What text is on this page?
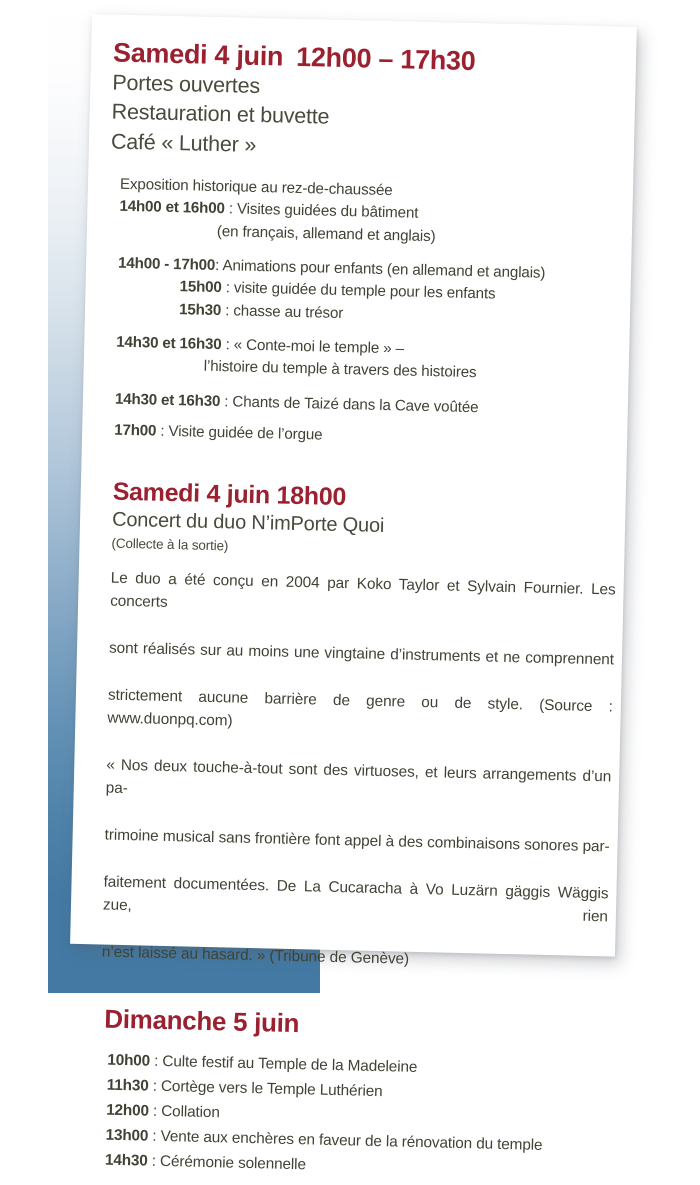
Samedi 4 juin 12h00 – 17h30
Portes ouvertes
Restauration et buvette
Café « Luther »
Exposition historique au rez-de-chaussée
14h00 et 16h00 : Visites guidées du bâtiment
(en français, allemand et anglais)
14h00 - 17h00: Animations pour enfants (en allemand et anglais)
15h00 : visite guidée du temple pour les enfants
15h30 : chasse au trésor
14h30 et 16h30 : « Conte-moi le temple » –
l’histoire du temple à travers des histoires
14h30 et 16h30 : Chants de Taizé dans la Cave voûtée
17h00 : Visite guidée de l’orgue
Samedi 4 juin 18h00
Concert du duo N’imPorte Quoi
(Collecte à la sortie)
Le duo a été conçu en 2004 par Koko Taylor et Sylvain Fournier. Les concerts
sont réalisés sur au moins une vingtaine d’instruments et ne comprennent
strictement aucune barrière de genre ou de style. (Source : www.duonpq.com)
« Nos deux touche-à-tout sont des virtuoses, et leurs arrangements d’un pa-
trimoine musical sans frontière font appel à des combinaisons sonores par-
faitement documentées. De La Cucaracha à Vo Luzärn gäggis Wäggis zue, rien
n’est laissé au hasard. » (Tribune de Genève)
Dimanche 5 juin
10h00 : Culte festif au Temple de la Madeleine
11h30 : Cortège vers le Temple Luthérien
12h00 : Collation
13h00 : Vente aux enchères en faveur de la rénovation du temple
14h30 : Cérémonie solennelle
